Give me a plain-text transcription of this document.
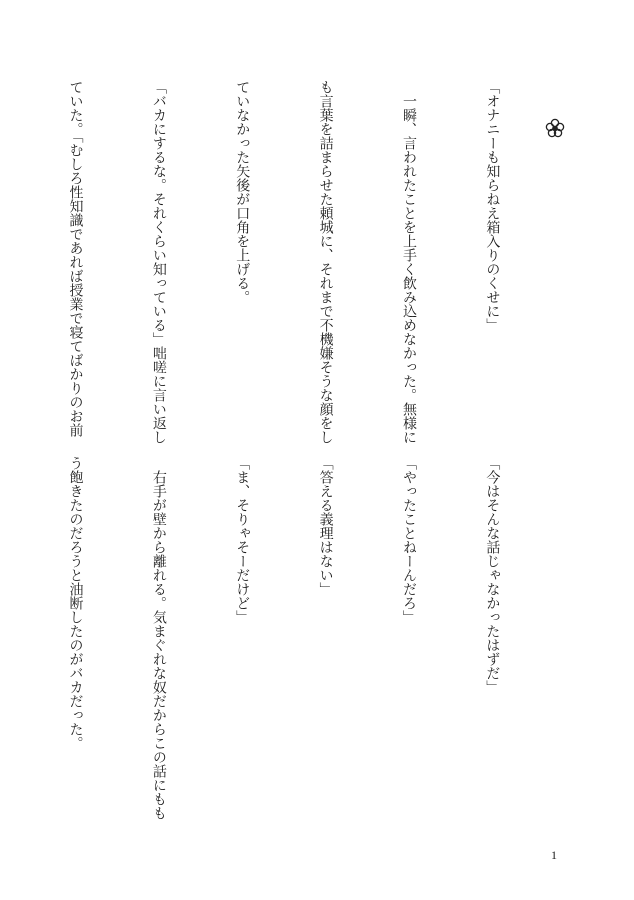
「オナニーも知らねえ箱入りのくせに」

　一瞬、言われたことを上手く飲み込めなかった。無様に

も言葉を詰まらせた頼城に、それまで不機嫌そうな顔をし

ていなかった矢後が口角を上げる。

「バカにするな。それくらい知っている」咄嗟に言い返し

ていた。「むしろ性知識であれば授業で寝てばかりのお前

「今はそんな話じゃなかったはずだ」

「やったことねーんだろ」

「答える義理はない」

「ま、そりゃそーだけど」

　右手が壁から離れる。気まぐれな奴だからこの話にもも

う飽きたのだろうと油断したのがバカだった。

1
